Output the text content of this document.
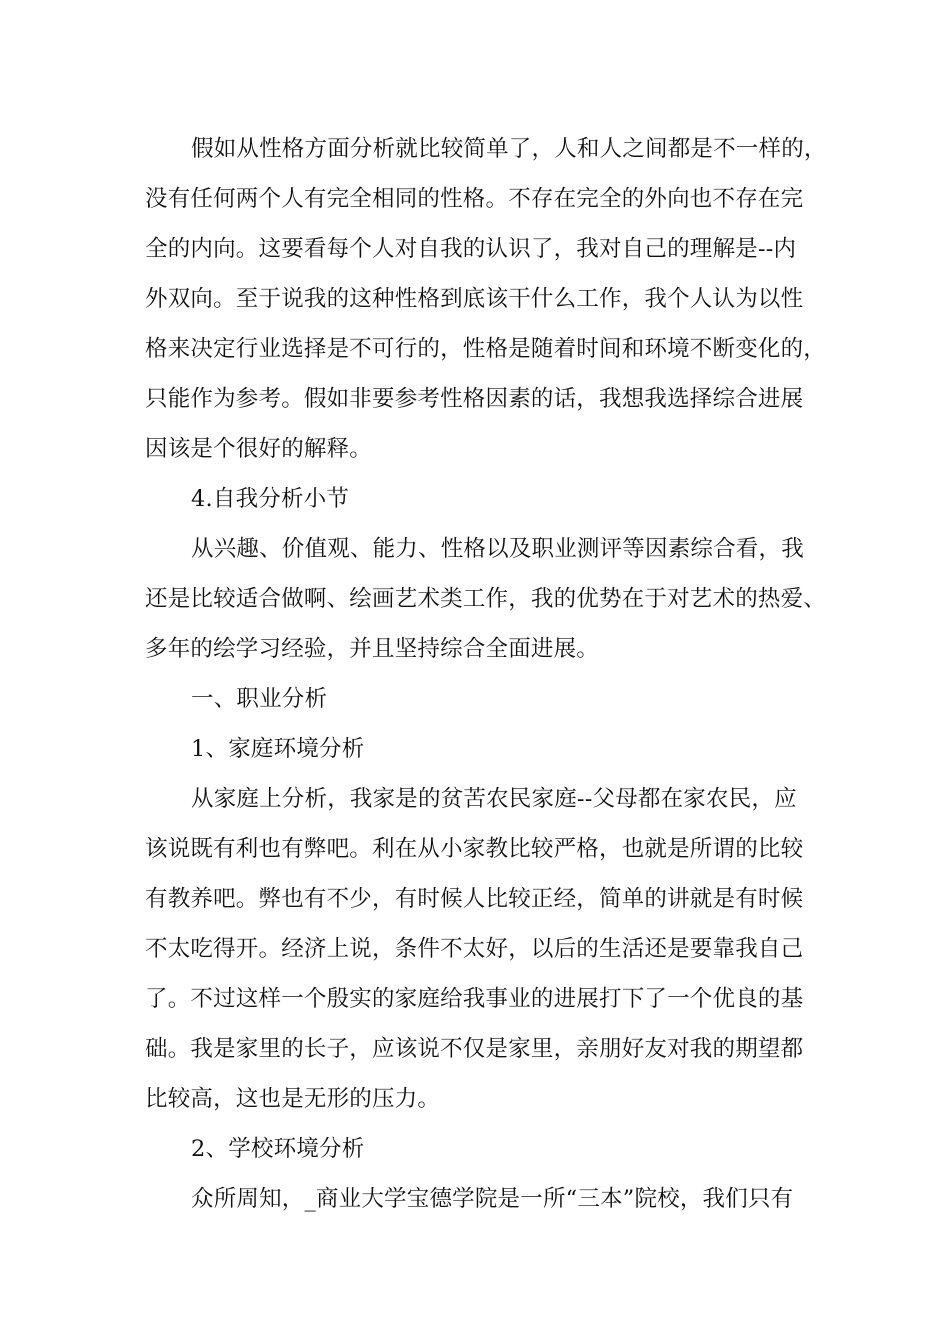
假如从性格方面分析就比较简单了，人和人之间都是不一样的，
没有任何两个人有完全相同的性格。不存在完全的外向也不存在完
全的内向。这要看每个人对自我的认识了，我对自己的理解是--内
外双向。至于说我的这种性格到底该干什么工作，我个人认为以性
格来决定行业选择是不可行的，性格是随着时间和环境不断变化的，
只能作为参考。假如非要参考性格因素的话，我想我选择综合进展
因该是个很好的解释。
4.自我分析小节
从兴趣、价值观、能力、性格以及职业测评等因素综合看，我
还是比较适合做啊、绘画艺术类工作，我的优势在于对艺术的热爱、
多年的绘学习经验，并且坚持综合全面进展。
一、职业分析
1、家庭环境分析
从家庭上分析，我家是的贫苦农民家庭--父母都在家农民，应
该说既有利也有弊吧。利在从小家教比较严格，也就是所谓的比较
有教养吧。弊也有不少，有时候人比较正经，简单的讲就是有时候
不太吃得开。经济上说，条件不太好，以后的生活还是要靠我自己
了。不过这样一个殷实的家庭给我事业的进展打下了一个优良的基
础。我是家里的长子，应该说不仅是家里，亲朋好友对我的期望都
比较高，这也是无形的压力。
2、学校环境分析
众所周知，_商业大学宝德学院是一所“三本”院校，我们只有
